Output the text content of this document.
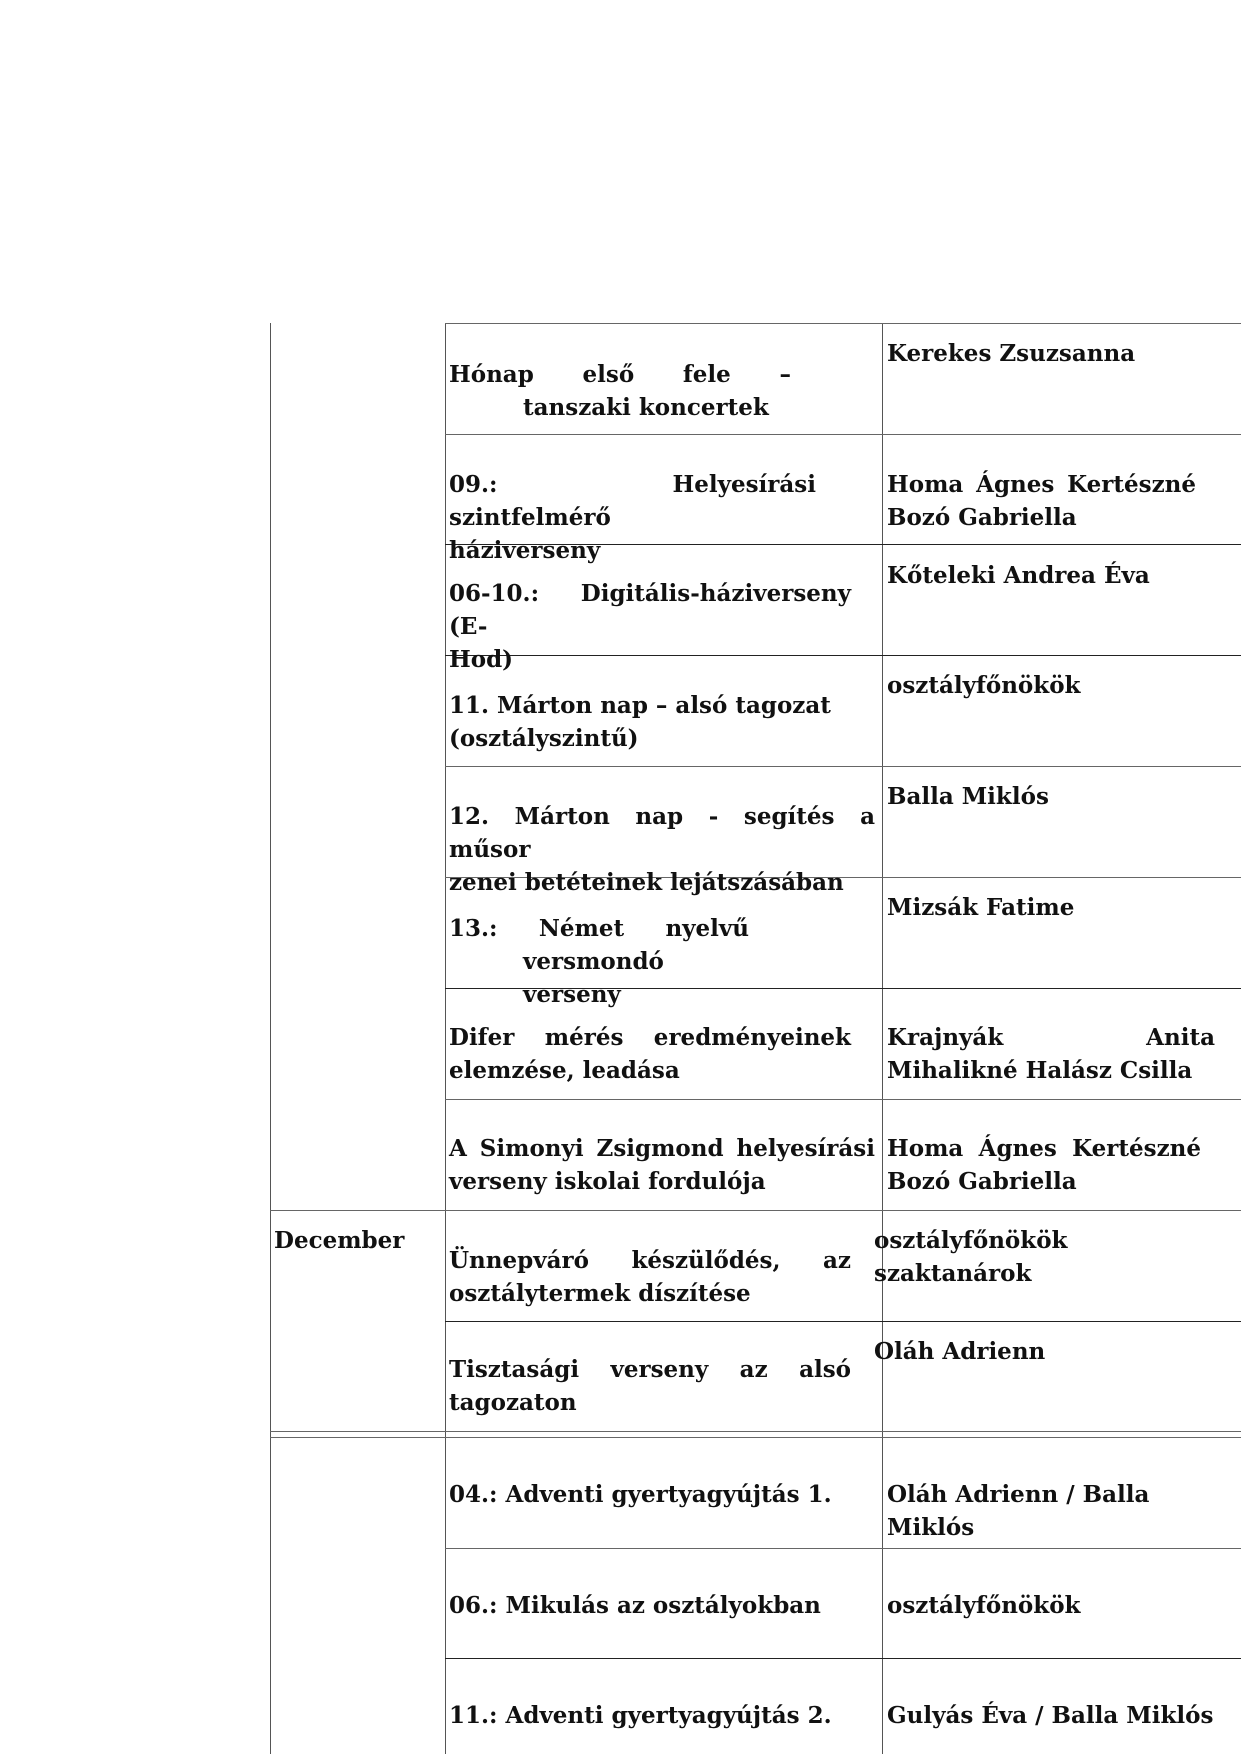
Hónap első fele –
tanszaki koncertek
Kerekes Zsuzsanna
09.: Helyesírási szintfelmérő
háziverseny
Homa Ágnes Kertészné
Bozó Gabriella
06-10.: Digitális-háziverseny (E-
Hod)
Kőteleki Andrea Éva
11. Márton nap – alsó tagozat
(osztályszintű)
osztályfőnökök
12. Márton nap - segítés a műsor
zenei betéteinek lejátszásában
Balla Miklós
13.: Német nyelvű
versmondó verseny
Mizsák Fatime
Difer mérés eredményeinek
elemzése, leadása
Krajnyák Anita
Mihalikné Halász Csilla
A Simonyi Zsigmond helyesírási
verseny iskolai fordulója
Homa Ágnes Kertészné
Bozó Gabriella
December
Ünnepváró készülődés, az
osztálytermek díszítése
osztályfőnökök szaktanárok
Tisztasági verseny az alsó
tagozaton
Oláh Adrienn
04.: Adventi gyertyagyújtás 1. Oláh Adrienn / Balla Miklós
06.: Mikulás az osztályokban	osztályfőnökök
11.: Adventi gyertyagyújtás 2. Gulyás Éva / Balla Miklós
